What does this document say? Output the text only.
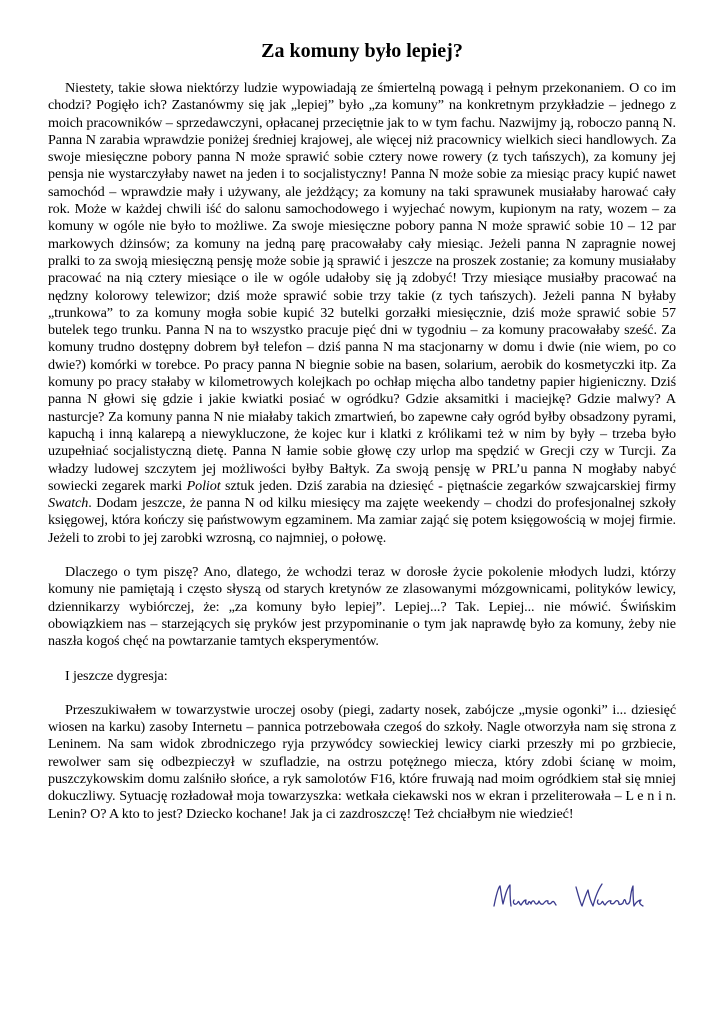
Za komuny było lepiej?

Niestety, takie słowa niektórzy ludzie wypowiadają ze śmiertelną powagą i pełnym przekonaniem. O co im chodzi? Pogięło ich? Zastanówmy się jak „lepiej” było „za komuny” na konkretnym przykładzie – jednego z moich pracowników – sprzedawczyni, opłacanej przeciętnie jak to w tym fachu. Nazwijmy ją, roboczo panną N. Panna N zarabia wprawdzie poniżej średniej krajowej, ale więcej niż pracownicy wielkich sieci handlowych. Za swoje miesięczne pobory panna N może sprawić sobie cztery nowe rowery (z tych tańszych), za komuny jej pensja nie wystarczyłaby nawet na jeden i to socjalistyczny! Panna N może sobie za miesiąc pracy kupić nawet samochód – wprawdzie mały i używany, ale jeżdżący; za komuny na taki sprawunek musiałaby harować cały rok. Może w każdej chwili iść do salonu samochodowego i wyjechać nowym, kupionym na raty, wozem – za komuny w ogóle nie było to możliwe. Za swoje miesięczne pobory panna N może sprawić sobie 10 – 12 par markowych dżinsów; za komuny na jedną parę pracowałaby cały miesiąc. Jeżeli panna N zapragnie nowej pralki to za swoją miesięczną pensję może sobie ją sprawić i jeszcze na proszek zostanie; za komuny musiałaby pracować na nią cztery miesiące o ile w ogóle udałoby się ją zdobyć! Trzy miesiące musiałby pracować na nędzny kolorowy telewizor; dziś może sprawić sobie trzy takie (z tych tańszych). Jeżeli panna N byłaby „trunkowa” to za komuny mogła sobie kupić 32 butelki gorzałki miesięcznie, dziś może sprawić sobie 57 butelek tego trunku. Panna N na to wszystko pracuje pięć dni w tygodniu – za komuny pracowałaby sześć. Za komuny trudno dostępny dobrem był telefon – dziś panna N ma stacjonarny w domu i dwie (nie wiem, po co dwie?) komórki w torebce. Po pracy panna N biegnie sobie na basen, solarium, aerobik do kosmetyczki itp. Za komuny po pracy stałaby w kilometrowych kolejkach po ochłap mięcha albo tandetny papier higieniczny. Dziś panna N głowi się gdzie i jakie kwiatki posiać w ogródku? Gdzie aksamitki i maciejkę? Gdzie malwy? A nasturcje? Za komuny panna N nie miałaby takich zmartwień, bo zapewne cały ogród byłby obsadzony pyrami, kapuchą i inną kalarepą a niewykluczone, że kojec kur i klatki z królikami też w nim by były – trzeba było uzupełniać socjalistyczną dietę. Panna N łamie sobie głowę czy urlop ma spędzić w Grecji czy w Turcji. Za władzy ludowej szczytem jej możliwości byłby Bałtyk. Za swoją pensję w PRL’u panna N mogłaby nabyć sowiecki zegarek marki Poliot sztuk jeden. Dziś zarabia na dziesięć - piętnaście zegarków szwajcarskiej firmy Swatch. Dodam jeszcze, że panna N od kilku miesięcy ma zajęte weekendy – chodzi do profesjonalnej szkoły księgowej, która kończy się państwowym egzaminem. Ma zamiar zająć się potem księgowością w mojej firmie. Jeżeli to zrobi to jej zarobki wzrosną, co najmniej, o połowę.

Dlaczego o tym piszę? Ano, dlatego, że wchodzi teraz w dorosłe życie pokolenie młodych ludzi, którzy komuny nie pamiętają i często słyszą od starych kretynów ze zlasowanymi mózgownicami, polityków lewicy, dziennikarzy wybiórczej, że: „za komuny było lepiej”. Lepiej...? Tak. Lepiej... nie mówić. Świńskim obowiązkiem nas – starzejących się pryków jest przypominanie o tym jak naprawdę było za komuny, żeby nie naszła kogoś chęć na powtarzanie tamtych eksperymentów.

I jeszcze dygresja:

Przeszukiwałem w towarzystwie uroczej osoby (piegi, zadarty nosek, zabójcze „mysie ogonki” i... dziesięć wiosen na karku) zasoby Internetu – pannica potrzebowała czegoś do szkoły. Nagle otworzyła nam się strona z Leninem. Na sam widok zbrodniczego ryja przywódcy sowieckiej lewicy ciarki przeszły mi po grzbiecie, rewolwer sam się odbezpieczył w szufladzie, na ostrzu potężnego miecza, który zdobi ścianę w moim, puszczykowskim domu zalśniło słońce, a ryk samolotów F16, które fruwają nad moim ogródkiem stał się mniej dokuczliwy. Sytuację rozładował moja towarzyszka: wetkała ciekawski nos w ekran i przeliterowała – L e n i n. Lenin? O? A kto to jest? Dziecko kochane! Jak ja ci zazdroszczę! Też chciałbym nie wiedzieć!
